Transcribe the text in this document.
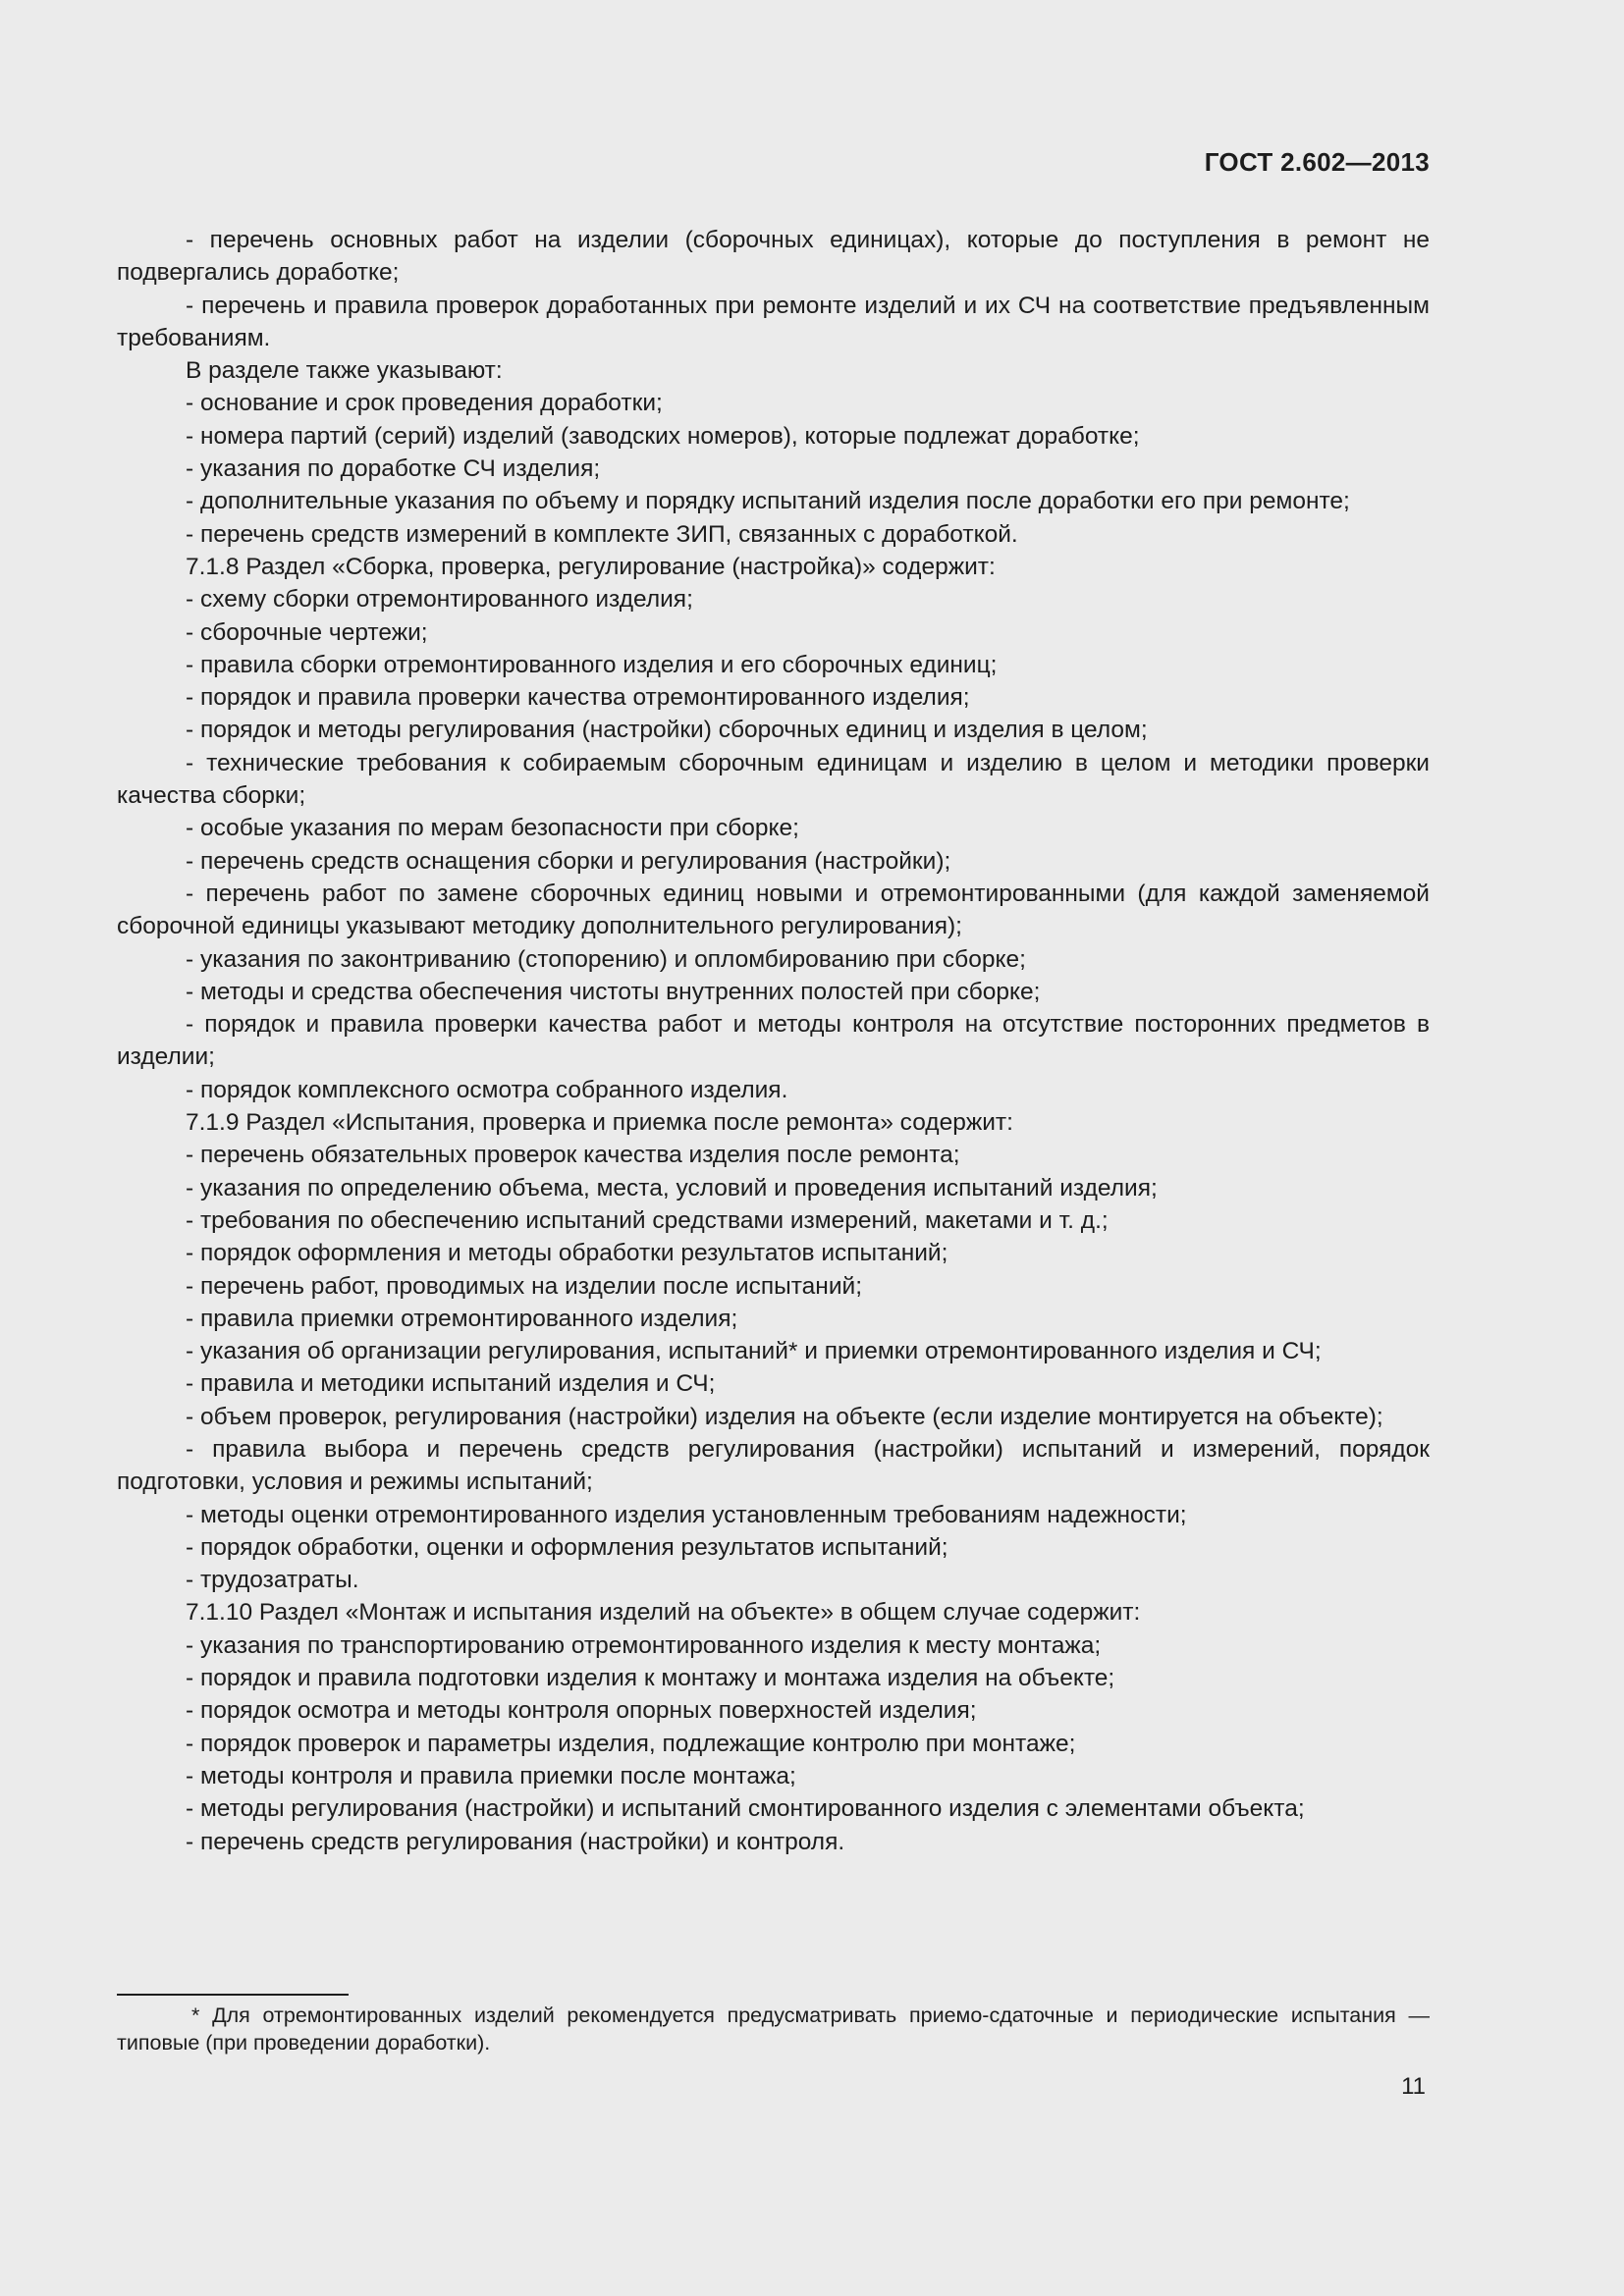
ГОСТ 2.602—2013

- перечень основных работ на изделии (сборочных единицах), которые до поступления в ремонт не подвергались доработке;

- перечень и правила проверок доработанных при ремонте изделий и их СЧ на соответствие предъявленным требованиям.

В разделе также указывают:

- основание и срок проведения доработки;

- номера партий (серий) изделий (заводских номеров), которые подлежат доработке;

- указания по доработке СЧ изделия;

- дополнительные указания по объему и порядку испытаний изделия после доработки его при ремонте;

- перечень средств измерений в комплекте ЗИП, связанных с доработкой.

7.1.8 Раздел «Сборка, проверка, регулирование (настройка)» содержит:

- схему сборки отремонтированного изделия;

- сборочные чертежи;

- правила сборки отремонтированного изделия и его сборочных единиц;

- порядок и правила проверки качества отремонтированного изделия;

- порядок и методы регулирования (настройки) сборочных единиц и изделия в целом;

- технические требования к собираемым сборочным единицам и изделию в целом и методики проверки качества сборки;

- особые указания по мерам безопасности при сборке;

- перечень средств оснащения сборки и регулирования (настройки);

- перечень работ по замене сборочных единиц новыми и отремонтированными (для каждой заменяемой сборочной единицы указывают методику дополнительного регулирования);

- указания по законтриванию (стопорению) и опломбированию при сборке;

- методы и средства обеспечения чистоты внутренних полостей при сборке;

- порядок и правила проверки качества работ и методы контроля на отсутствие посторонних предметов в изделии;

- порядок комплексного осмотра собранного изделия.

7.1.9 Раздел «Испытания, проверка и приемка после ремонта» содержит:

- перечень обязательных проверок качества изделия после ремонта;

- указания по определению объема, места, условий и проведения испытаний изделия;

- требования по обеспечению испытаний средствами измерений, макетами и т. д.;

- порядок оформления и методы обработки результатов испытаний;

- перечень работ, проводимых на изделии после испытаний;

- правила приемки отремонтированного изделия;

- указания об организации регулирования, испытаний* и приемки отремонтированного изделия и СЧ;

- правила и методики испытаний изделия и СЧ;

- объем проверок, регулирования (настройки) изделия на объекте (если изделие монтируется на объекте);

- правила выбора и перечень средств регулирования (настройки) испытаний и измерений, порядок подготовки, условия и режимы испытаний;

- методы оценки отремонтированного изделия установленным требованиям надежности;

- порядок обработки, оценки и оформления результатов испытаний;

- трудозатраты.

7.1.10 Раздел «Монтаж и испытания изделий на объекте» в общем случае содержит:

- указания по транспортированию отремонтированного изделия к месту монтажа;

- порядок и правила подготовки изделия к монтажу и монтажа изделия на объекте;

- порядок осмотра и методы контроля опорных поверхностей изделия;

- порядок проверок и параметры изделия, подлежащие контролю при монтаже;

- методы контроля и правила приемки после монтажа;

- методы регулирования (настройки) и испытаний смонтированного изделия с элементами объекта;

- перечень средств регулирования (настройки) и контроля.

* Для отремонтированных изделий рекомендуется предусматривать приемо-сдаточные и периодические испытания — типовые (при проведении доработки).

11
